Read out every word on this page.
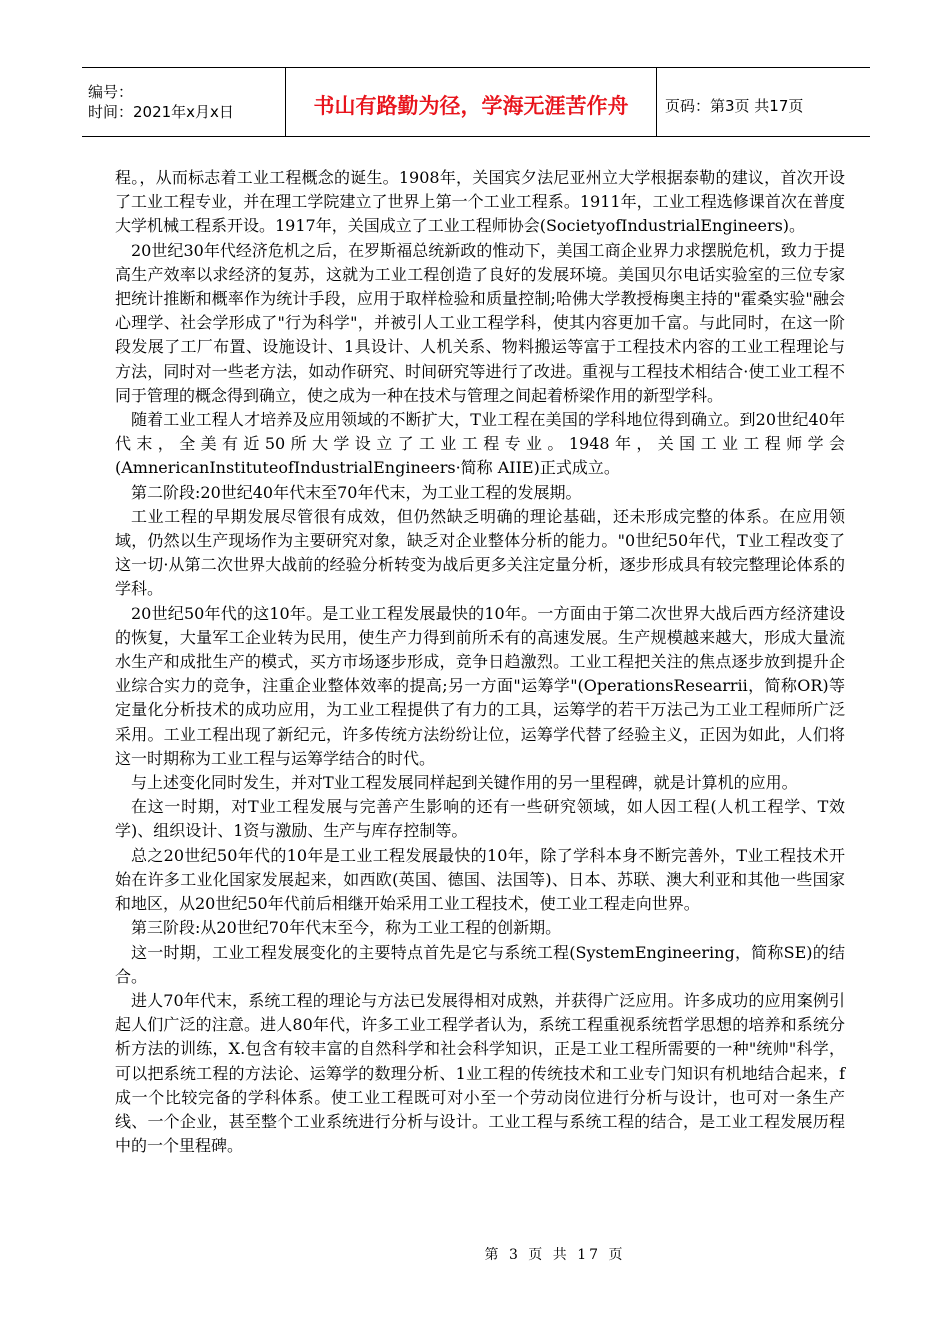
编号：
时间：2021年x月x日	书山有路勤为径，学海无涯苦作舟	页码：第3页 共17页

程。，从而标志着工业工程概念的诞生。1908年，关国宾夕法尼亚州立大学根据泰勒的建议，首次开设了工业工程专业，并在理工学院建立了世界上第一个工业工程系。1911年，工业工程选修课首次在普度大学机械工程系开设。1917年，关国成立了工业工程师协会(SocietyofIndustrialEngineers)。

20世纪30年代经济危机之后，在罗斯福总统新政的惟动下，美国工商企业界力求摆脱危机，致力于提高生产效率以求经济的复苏，这就为工业工程创造了良好的发展环境。美国贝尔电话实验室的三位专家把统计推断和概率作为统计手段，应用于取样检验和质量控制;哈佛大学教授梅奥主持的"霍桑实验"融会心理学、社会学形成了"行为科学"，并被引人工业工程学科，使其内容更加千富。与此同时，在这一阶段发展了工厂布置、设施设计、1具设计、人机关系、物料搬运等富于工程技术内容的工业工程理论与方法，同时对一些老方法，如动作研究、时间研究等进行了改进。重视与工程技术相结合·使工业工程不同于管理的概念得到确立，使之成为一种在技术与管理之间起着桥梁作用的新型学科。

随着工业工程人才培养及应用领域的不断扩大，T业工程在美国的学科地位得到确立。到20世纪40年代末，全美有近50所大学设立了工业工程专业。1948年，关国工业工程师学会(AmnericanInstituteofIndustrialEngineers·简称 AIIE)正式成立。

第二阶段:20世纪40年代末至70年代末，为工业工程的发展期。

工业工程的早期发展尽管很有成效，但仍然缺乏明确的理论基础，还未形成完整的体系。在应用领域，仍然以生产现场作为主要研究对象，缺乏对企业整体分析的能力。"0世纪50年代，T业工程改变了这一切·从第二次世界大战前的经验分析转变为战后更多关注定量分析，逐步形成具有较完整理论体系的学科。

20世纪50年代的这10年。是工业工程发展最快的10年。一方面由于第二次世界大战后西方经济建设的恢复，大量军工企业转为民用，使生产力得到前所禾有的高速发展。生产规模越来越大，形成大量流水生产和成批生产的模式，买方市场逐步形成，竞争日趋激烈。工业工程把关注的焦点逐步放到提升企业综合实力的竞争，注重企业整体效率的提高;另一方面"运筹学"(OperationsResearrii，简称OR)等定量化分析技术的成功应用，为工业工程提供了有力的工具，运筹学的若干万法己为工业工程师所广泛采用。工业工程出现了新纪元，许多传统方法纷纷让位，运筹学代替了经验主义，正因为如此，人们将这一时期称为工业工程与运筹学结合的时代。

与上述变化同时发生，并对T业工程发展同样起到关键作用的另一里程碑，就是计算机的应用。

在这一时期，对T业工程发展与完善产生影响的还有一些研究领域，如人因工程(人机工程学、T效学)、组织设计、1资与激励、生产与库存控制等。

总之20世纪50年代的10年是工业工程发展最快的10年，除了学科本身不断完善外，T业工程技术开始在许多工业化国家发展起来，如西欧(英国、德国、法国等)、日本、苏联、澳大利亚和其他一些国家和地区，从20世纪50年代前后相继开始采用工业工程技术，使工业工程走向世界。

第三阶段:从20世纪70年代末至今，称为工业工程的创新期。

这一时期，工业工程发展变化的主要特点首先是它与系统工程(SystemEngineering，简称SE)的结合。

进人70年代末，系统工程的理论与方法已发展得相对成熟，并获得广泛应用。许多成功的应用案例引起人们广泛的注意。进人80年代，许多工业工程学者认为，系统工程重视系统哲学思想的培养和系统分析方法的训练，X.包含有较丰富的自然科学和社会科学知识，正是工业工程所需要的一种"统帅"科学，可以把系统工程的方法论、运筹学的数理分析、1业工程的传统技术和工业专门知识有机地结合起来，f成一个比较完备的学科体系。使工业工程既可对小至一个劳动岗位进行分析与设计，也可对一条生产线、一个企业，甚至整个工业系统进行分析与设计。工业工程与系统工程的结合，是工业工程发展历程中的一个里程碑。

第 3 页 共 17 页
